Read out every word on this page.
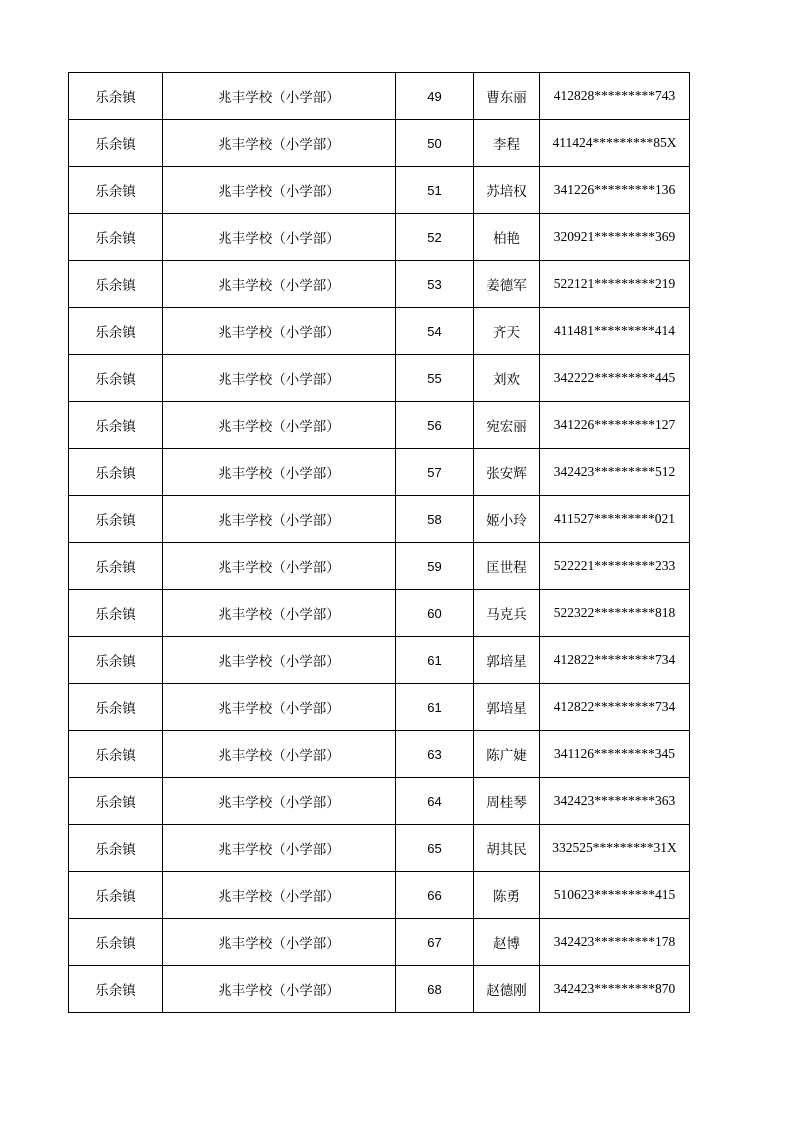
乐余镇	兆丰学校（小学部）	49	曹东丽	412828*********743
乐余镇	兆丰学校（小学部）	50	李程	411424*********85X
乐余镇	兆丰学校（小学部）	51	苏培权	341226*********136
乐余镇	兆丰学校（小学部）	52	柏艳	320921*********369
乐余镇	兆丰学校（小学部）	53	姜德军	522121*********219
乐余镇	兆丰学校（小学部）	54	齐天	411481*********414
乐余镇	兆丰学校（小学部）	55	刘欢	342222*********445
乐余镇	兆丰学校（小学部）	56	宛宏丽	341226*********127
乐余镇	兆丰学校（小学部）	57	张安辉	342423*********512
乐余镇	兆丰学校（小学部）	58	姬小玲	411527*********021
乐余镇	兆丰学校（小学部）	59	匡世程	522221*********233
乐余镇	兆丰学校（小学部）	60	马克兵	522322*********818
乐余镇	兆丰学校（小学部）	61	郭培星	412822*********734
乐余镇	兆丰学校（小学部）	61	郭培星	412822*********734
乐余镇	兆丰学校（小学部）	63	陈广婕	341126*********345
乐余镇	兆丰学校（小学部）	64	周桂琴	342423*********363
乐余镇	兆丰学校（小学部）	65	胡其民	332525*********31X
乐余镇	兆丰学校（小学部）	66	陈勇	510623*********415
乐余镇	兆丰学校（小学部）	67	赵博	342423*********178
乐余镇	兆丰学校（小学部）	68	赵德刚	342423*********870
